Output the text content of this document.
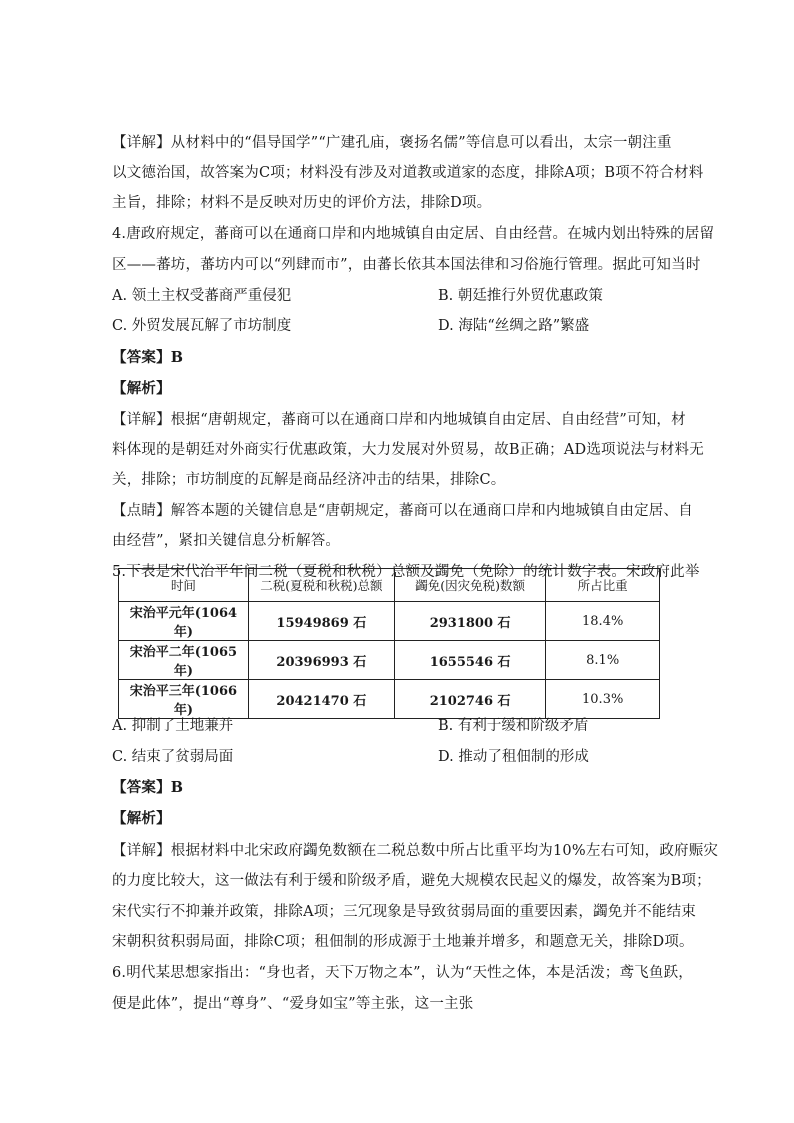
【详解】从材料中的“倡导国学”“广建孔庙，褒扬名儒”等信息可以看出，太宗一朝注重
以文德治国，故答案为C项；材料没有涉及对道教或道家的态度，排除A项；B项不符合材料
主旨，排除；材料不是反映对历史的评价方法，排除D项。
4.唐政府规定，蕃商可以在通商口岸和内地城镇自由定居、自由经营。在城内划出特殊的居留
区——蕃坊，蕃坊内可以“列肆而市”，由蕃长依其本国法律和习俗施行管理。据此可知当时
A. 领土主权受蕃商严重侵犯	B. 朝廷推行外贸优惠政策
C. 外贸发展瓦解了市坊制度	D. 海陆“丝绸之路”繁盛
【答案】B
【解析】
【详解】根据“唐朝规定，蕃商可以在通商口岸和内地城镇自由定居、自由经营”可知，材
料体现的是朝廷对外商实行优惠政策，大力发展对外贸易，故B正确；AD选项说法与材料无
关，排除；市坊制度的瓦解是商品经济冲击的结果，排除C。
【点睛】解答本题的关键信息是“唐朝规定，蕃商可以在通商口岸和内地城镇自由定居、自
由经营”，紧扣关键信息分析解答。
5.下表是宋代治平年间二税（夏税和秋税）总额及蠲免（免除）的统计数字表。宋政府此举
时间	二税(夏税和秋税)总额	蠲免(因灾免税)数额	所占比重
宋治平元年(1064 年)	15949869 石	2931800 石	18.4%
宋治平二年(1065 年)	20396993 石	1655546 石	8.1%
宋治平三年(1066 年)	20421470 石	2102746 石	10.3%
A. 抑制了土地兼并	B. 有利于缓和阶级矛盾
C. 结束了贫弱局面	D. 推动了租佃制的形成
【答案】B
【解析】
【详解】根据材料中北宋政府蠲免数额在二税总数中所占比重平均为10%左右可知，政府赈灾
的力度比较大，这一做法有利于缓和阶级矛盾，避免大规模农民起义的爆发，故答案为B项；
宋代实行不抑兼并政策，排除A项；三冗现象是导致贫弱局面的重要因素，蠲免并不能结束
宋朝积贫积弱局面，排除C项；租佃制的形成源于土地兼并增多，和题意无关，排除D项。
6.明代某思想家指出：“身也者，天下万物之本”，认为“天性之体，本是活泼；鸢飞鱼跃，
便是此体”，提出“尊身”、“爱身如宝”等主张，这一主张
